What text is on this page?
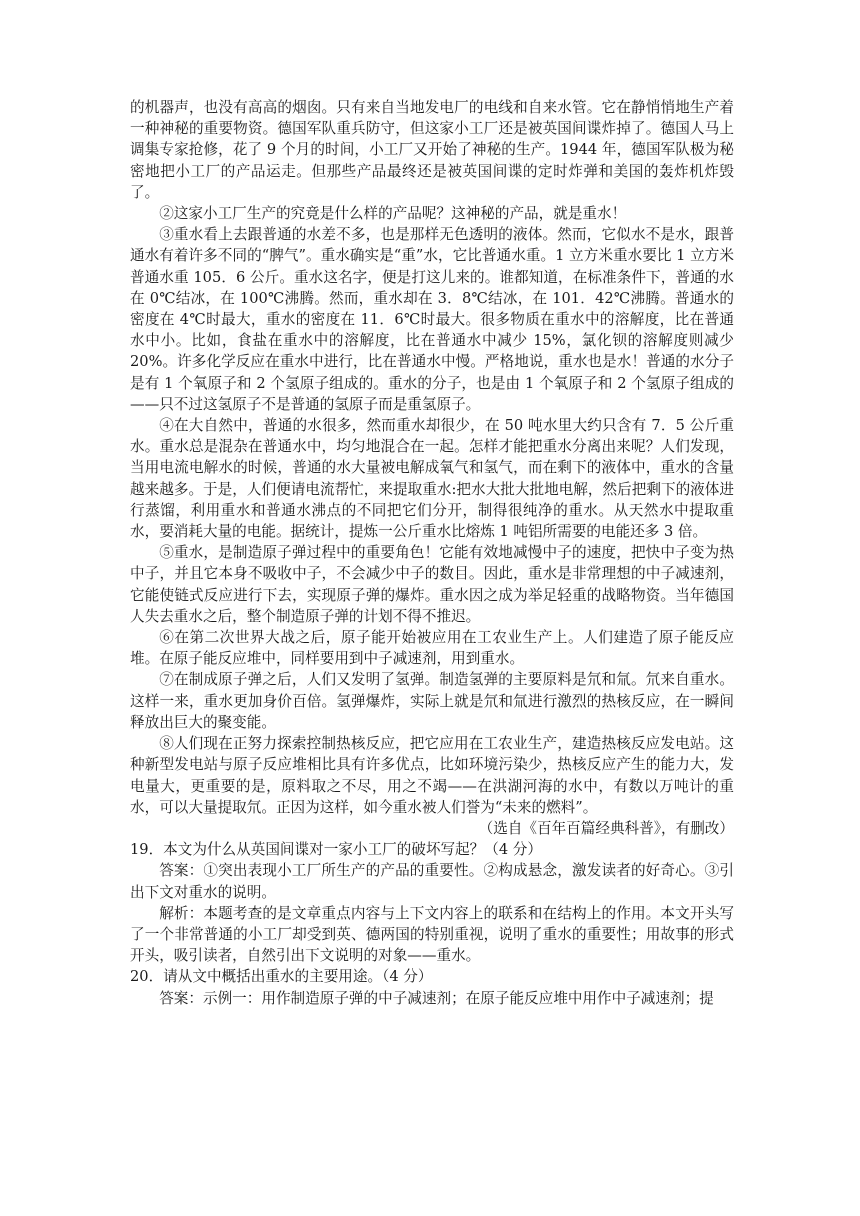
的机器声，也没有高高的烟囱。只有来自当地发电厂的电线和自来水管。它在静悄悄地生产着一种神秘的重要物资。德国军队重兵防守，但这家小工厂还是被英国间谍炸掉了。德国人马上调集专家抢修，花了 9 个月的时间，小工厂又开始了神秘的生产。1944 年，德国军队极为秘密地把小工厂的产品运走。但那些产品最终还是被英国间谍的定时炸弹和美国的轰炸机炸毁了。

②这家小工厂生产的究竟是什么样的产品呢？这神秘的产品，就是重水！

③重水看上去跟普通的水差不多，也是那样无色透明的液体。然而，它似水不是水，跟普通水有着许多不同的“脾气”。重水确实是“重”水，它比普通水重。1 立方米重水要比 1 立方米普通水重 105．6 公斤。重水这名字，便是打这儿来的。谁都知道，在标准条件下，普通的水在 0℃结冰，在 100℃沸腾。然而，重水却在 3．8℃结冰，在 101．42℃沸腾。普通水的密度在 4℃时最大，重水的密度在 11．6℃时最大。很多物质在重水中的溶解度，比在普通水中小。比如，食盐在重水中的溶解度，比在普通水中减少 15%，氯化钡的溶解度则减少 20%。许多化学反应在重水中进行，比在普通水中慢。严格地说，重水也是水！普通的水分子是有 1 个氧原子和 2 个氢原子组成的。重水的分子，也是由 1 个氧原子和 2 个氢原子组成的——只不过这氢原子不是普通的氢原子而是重氢原子。

④在大自然中，普通的水很多，然而重水却很少，在 50 吨水里大约只含有 7．5 公斤重水。重水总是混杂在普通水中，均匀地混合在一起。怎样才能把重水分离出来呢？人们发现，当用电流电解水的时候，普通的水大量被电解成氧气和氢气，而在剩下的液体中，重水的含量越来越多。于是，人们便请电流帮忙，来提取重水:把水大批大批地电解，然后把剩下的液体进行蒸馏，利用重水和普通水沸点的不同把它们分开，制得很纯净的重水。从天然水中提取重水，要消耗大量的电能。据统计，提炼一公斤重水比熔炼 1 吨铝所需要的电能还多 3 倍。

⑤重水，是制造原子弹过程中的重要角色！它能有效地减慢中子的速度，把快中子变为热中子，并且它本身不吸收中子，不会减少中子的数目。因此，重水是非常理想的中子减速剂，它能使链式反应进行下去，实现原子弹的爆炸。重水因之成为举足轻重的战略物资。当年德国人失去重水之后，整个制造原子弹的计划不得不推迟。

⑥在第二次世界大战之后，原子能开始被应用在工农业生产上。人们建造了原子能反应堆。在原子能反应堆中，同样要用到中子减速剂，用到重水。

⑦在制成原子弹之后，人们又发明了氢弹。制造氢弹的主要原料是氘和氚。氘来自重水。这样一来，重水更加身价百倍。氢弹爆炸，实际上就是氘和氚进行激烈的热核反应，在一瞬间释放出巨大的聚变能。

⑧人们现在正努力探索控制热核反应，把它应用在工农业生产，建造热核反应发电站。这种新型发电站与原子反应堆相比具有许多优点，比如环境污染少，热核反应产生的能力大，发电量大，更重要的是，原料取之不尽，用之不竭——在洪湖河海的水中，有数以万吨计的重水，可以大量提取氘。正因为这样，如今重水被人们誉为“未来的燃料”。

（选自《百年百篇经典科普》，有删改）

19．本文为什么从英国间谍对一家小工厂的破坏写起？（4 分）

答案：①突出表现小工厂所生产的产品的重要性。②构成悬念，激发读者的好奇心。③引出下文对重水的说明。

解析：本题考查的是文章重点内容与上下文内容上的联系和在结构上的作用。本文开头写了一个非常普通的小工厂却受到英、德两国的特别重视，说明了重水的重要性；用故事的形式开头，吸引读者，自然引出下文说明的对象——重水。

20．请从文中概括出重水的主要用途。（4 分）

答案：示例一：用作制造原子弹的中子减速剂；在原子能反应堆中用作中子减速剂；提
